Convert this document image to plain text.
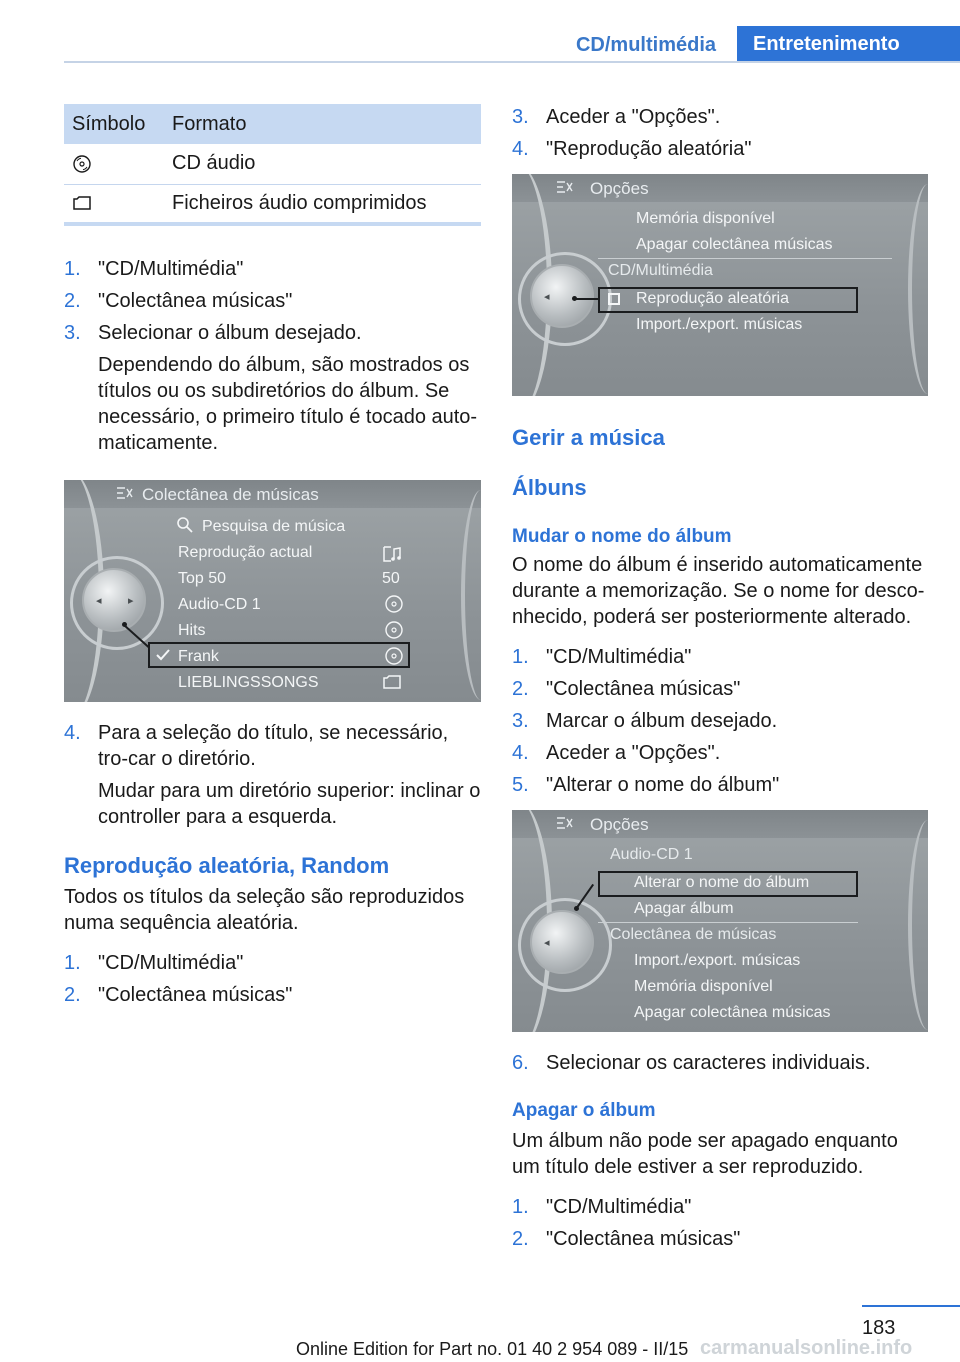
CD/multimédia	Entretenimento
Símbolo	Formato
	CD áudio
	Ficheiros áudio comprimidos
1. "CD/Multimédia"
2. "Colectânea músicas"
3. Selecionar o álbum desejado.
Dependendo do álbum, são mostrados os títulos ou os subdiretórios do álbum. Se necessário, o primeiro título é tocado auto‐maticamente.
Colectânea de músicas
◂ ▸
Pesquisa de música
Reprodução actual
Top 50
Audio-CD 1
Hits
Frank
LIEBLINGSSONGS
50
4. Para a seleção do título, se necessário, tro‐car o diretório.
Mudar para um diretório superior: inclinar o controller para a esquerda.
Reprodução aleatória, Random
Todos os títulos da seleção são reproduzidos numa sequência aleatória.
1. "CD/Multimédia"
2. "Colectânea músicas"
3. Aceder a "Opções".
4. "Reprodução aleatória"
Opções
◂
Memória disponível
Apagar colectânea músicas
CD/Multimédia
Reprodução aleatória
Import./export. músicas
Gerir a música
Álbuns
Mudar o nome do álbum
O nome do álbum é inserido automaticamente durante a memorização. Se o nome for desco‐nhecido, poderá ser posteriormente alterado.
1. "CD/Multimédia"
2. "Colectânea músicas"
3. Marcar o álbum desejado.
4. Aceder a "Opções".
5. "Alterar o nome do álbum"
Opções
◂
Audio-CD 1
Alterar o nome do álbum
Apagar álbum
Colectânea de músicas
Import./export. músicas
Memória disponível
Apagar colectânea músicas
6. Selecionar os caracteres individuais.
Apagar o álbum
Um álbum não pode ser apagado enquanto um título dele estiver a ser reproduzido.
1. "CD/Multimédia"
2. "Colectânea músicas"
183
Online Edition for Part no. 01 40 2 954 089 - II/15 carmanualsonline.info
